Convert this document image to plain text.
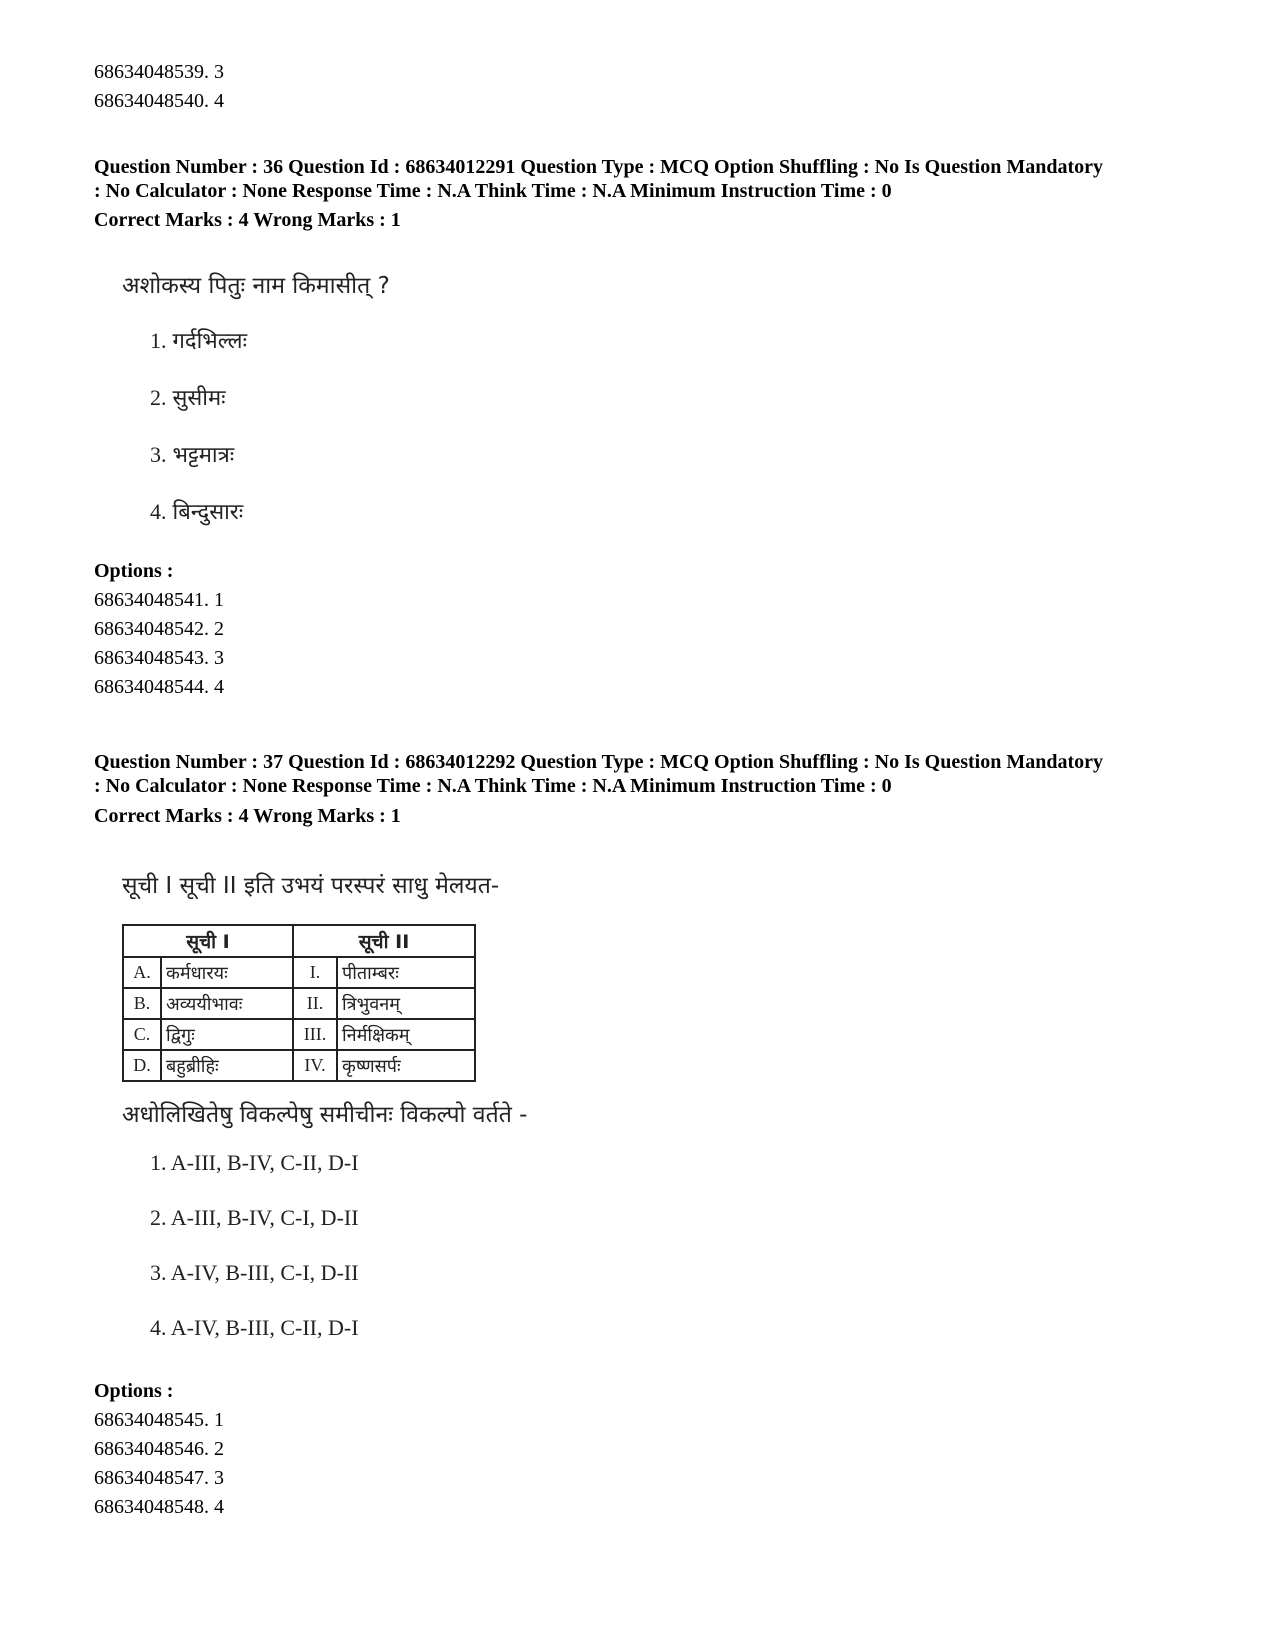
68634048539. 3
68634048540. 4
Question Number : 36 Question Id : 68634012291 Question Type : MCQ Option Shuffling : No Is Question Mandatory
: No Calculator : None Response Time : N.A Think Time : N.A Minimum Instruction Time : 0
Correct Marks : 4 Wrong Marks : 1
अशोकस्य पितुः नाम किमासीत् ?
1. गर्दभिल्लः
2. सुसीमः
3. भट्टमात्रः
4. बिन्दुसारः
Options :
68634048541. 1
68634048542. 2
68634048543. 3
68634048544. 4
Question Number : 37 Question Id : 68634012292 Question Type : MCQ Option Shuffling : No Is Question Mandatory
: No Calculator : None Response Time : N.A Think Time : N.A Minimum Instruction Time : 0
Correct Marks : 4 Wrong Marks : 1
सूची I सूची II इति उभयं परस्परं साधु मेलयत-
सूची I		सूची II	
A.	कर्मधारयः	I.	पीताम्बरः
B.	अव्ययीभावः	II.	त्रिभुवनम्
C.	द्विगुः	III.	निर्मक्षिकम्
D.	बहुब्रीहिः	IV.	कृष्णसर्पः
अधोलिखितेषु विकल्पेषु समीचीनः विकल्पो वर्तते -
1. A-III, B-IV, C-II, D-I
2. A-III, B-IV, C-I, D-II
3. A-IV, B-III, C-I, D-II
4. A-IV, B-III, C-II, D-I
Options :
68634048545. 1
68634048546. 2
68634048547. 3
68634048548. 4
